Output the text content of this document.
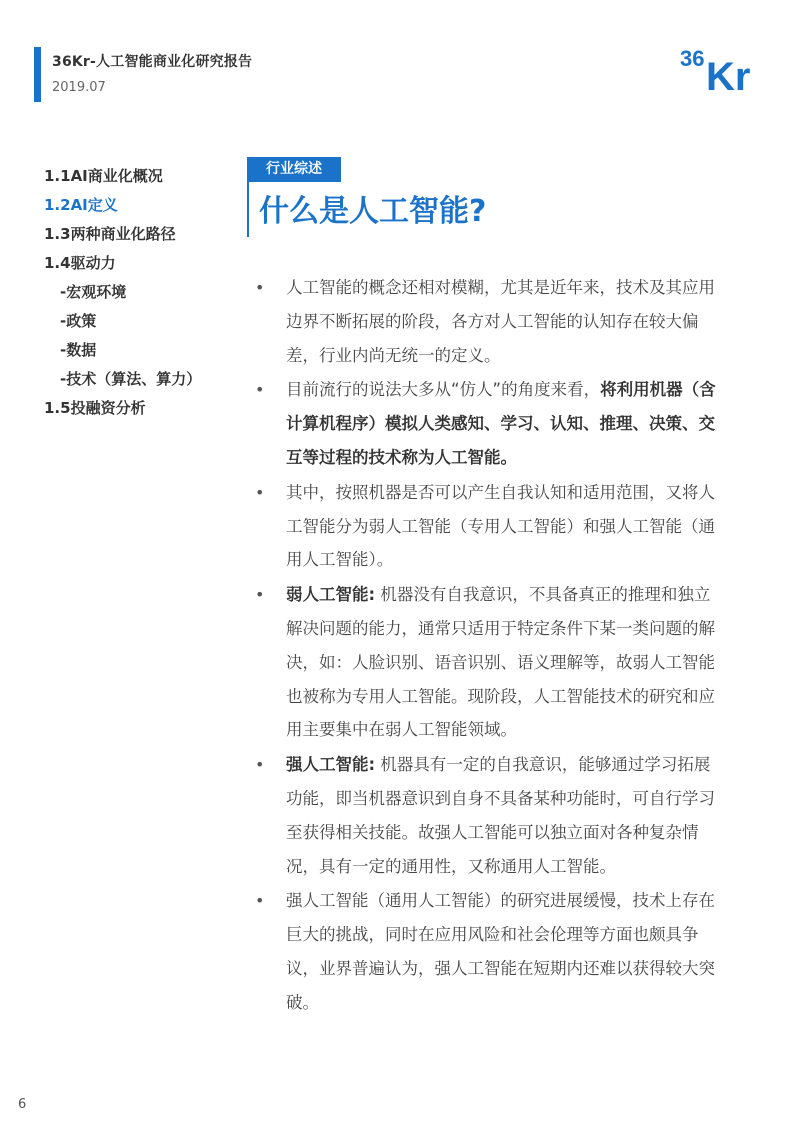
36Kr-人工智能商业化研究报告
2019.07
36 Kr
1.1AI商业化概况
1.2AI定义
1.3两种商业化路径
1.4驱动力
-宏观环境
-政策
-数据
-技术（算法、算力）
1.5投融资分析
行业综述
什么是人工智能?
•	人工智能的概念还相对模糊，尤其是近年来，技术及其应用边界不断拓展的阶段，各方对人工智能的认知存在较大偏差，行业内尚无统一的定义。
•	目前流行的说法大多从“仿人”的角度来看，将利用机器（含计算机程序）模拟人类感知、学习、认知、推理、决策、交互等过程的技术称为人工智能。
•	其中，按照机器是否可以产生自我认知和适用范围，又将人工智能分为弱人工智能（专用人工智能）和强人工智能（通用人工智能）。
•	弱人工智能: 机器没有自我意识，不具备真正的推理和独立解决问题的能力，通常只适用于特定条件下某一类问题的解决，如：人脸识别、语音识别、语义理解等，故弱人工智能也被称为专用人工智能。现阶段，人工智能技术的研究和应用主要集中在弱人工智能领域。
•	强人工智能: 机器具有一定的自我意识，能够通过学习拓展功能，即当机器意识到自身不具备某种功能时，可自行学习至获得相关技能。故强人工智能可以独立面对各种复杂情况，具有一定的通用性，又称通用人工智能。
•	强人工智能（通用人工智能）的研究进展缓慢，技术上存在巨大的挑战，同时在应用风险和社会伦理等方面也颇具争议，业界普遍认为，强人工智能在短期内还难以获得较大突破。
6
